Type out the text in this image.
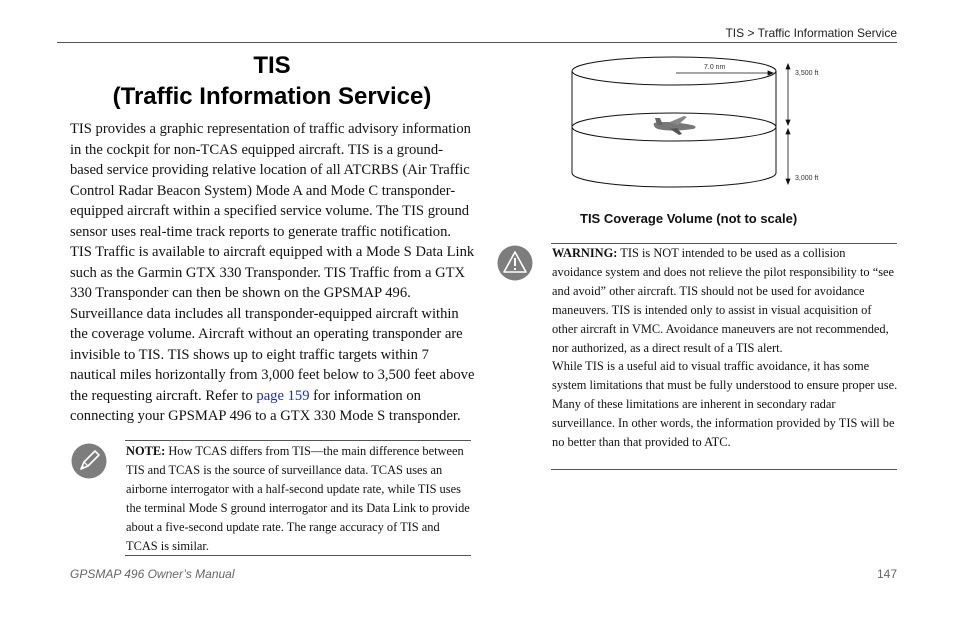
TIS > Traffic Information Service
TIS
(Traffic Information Service)
TIS provides a graphic representation of traffic advisory information in the cockpit for non-TCAS equipped aircraft. TIS is a ground-based service providing relative location of all ATCRBS (Air Traffic Control Radar Beacon System) Mode A and Mode C transponder-equipped aircraft within a specified service volume. The TIS ground sensor uses real-time track reports to generate traffic notification. TIS Traffic is available to aircraft equipped with a Mode S Data Link such as the Garmin GTX 330 Transponder. TIS Traffic from a GTX 330 Transponder can then be shown on the GPSMAP 496. Surveillance data includes all transponder-equipped aircraft within the coverage volume. Aircraft without an operating transponder are invisible to TIS. TIS shows up to eight traffic targets within 7 nautical miles horizontally from 3,000 feet below to 3,500 feet above the requesting aircraft. Refer to page 159 for information on connecting your GPSMAP 496 to a GTX 330 Mode S transponder.
NOTE: How TCAS differs from TIS—the main difference between TIS and TCAS is the source of surveillance data. TCAS uses an airborne interrogator with a half-second update rate, while TIS uses the terminal Mode S ground interrogator and its Data Link to provide about a five-second update rate. The range accuracy of TIS and TCAS is similar.
7.0 nm
3,500 ft
3,000 ft
TIS Coverage Volume (not to scale)

WARNING: TIS is NOT intended to be used as a collision avoidance system and does not relieve the pilot responsibility to “see and avoid” other aircraft. TIS should not be used for avoidance maneuvers. TIS is intended only to assist in visual acquisition of other aircraft in VMC. Avoidance maneuvers are not recommended, nor authorized, as a direct result of a TIS alert.

While TIS is a useful aid to visual traffic avoidance, it has some system limitations that must be fully understood to ensure proper use. Many of these limitations are inherent in secondary radar surveillance. In other words, the information provided by TIS will be no better than that provided to ATC.

GPSMAP 496 Owner’s Manual	147
